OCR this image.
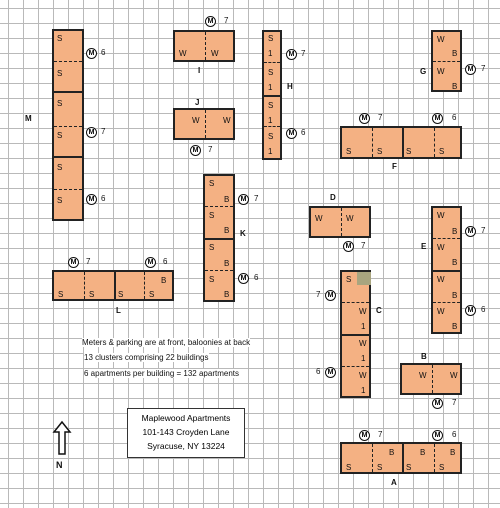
S
S
S
S
S
S
M
M 6
M 7
M 6
W	W
M	7
I
S
1
S
1
S
1
S
1
M 7
H
M 6
W
B
W
B
G	M 7
J
W	W
M	7
M	7	M	6
S	S	S	S
F
S
B
S
B
S
B
S
B
M 7
K
M 6
D
W	W
M	7
W
B
W
B
W
B
W
B
E
M 7
M 6
M	7	M	6
S	S	S	S
B
L
S
W
1
W
1
W
1
7	M
C
6	M
B
W	W
M	7
M	7	M	6
S	S
B
S
B
S
B
A
Meters & parking are at front, baloonies at back
13 clusters comprising 22 buildings
6 apartments per building = 132 apartments
Maplewood Apartments
101-143 Croyden Lane
Syracuse, NY 13224
N
